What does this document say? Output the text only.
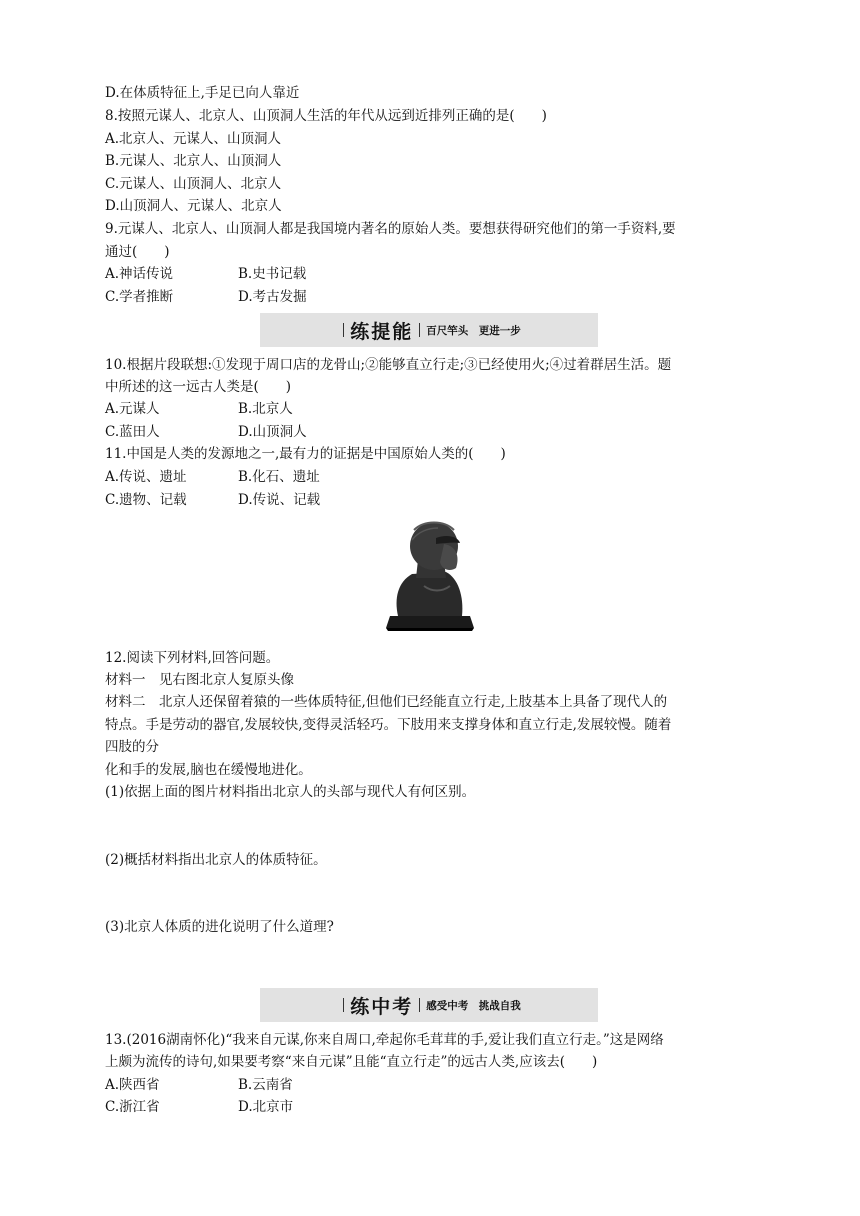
D.在体质特征上,手足已向人靠近
8.按照元谋人、北京人、山顶洞人生活的年代从远到近排列正确的是(　　)
A.北京人、元谋人、山顶洞人
B.元谋人、北京人、山顶洞人
C.元谋人、山顶洞人、北京人
D.山顶洞人、元谋人、北京人
9.元谋人、北京人、山顶洞人都是我国境内著名的原始人类。要想获得研究他们的第一手资料,要
通过(　　)
A.神话传说	B.史书记载
C.学者推断	D.考古发掘
练提能 百尺竿头　更进一步
10.根据片段联想:①发现于周口店的龙骨山;②能够直立行走;③已经使用火;④过着群居生活。题
中所述的这一远古人类是(　　)
A.元谋人	B.北京人
C.蓝田人	D.山顶洞人
11.中国是人类的发源地之一,最有力的证据是中国原始人类的(　　)
A.传说、遗址	B.化石、遗址
C.遗物、记载	D.传说、记载
12.阅读下列材料,回答问题。
材料一　见右图北京人复原头像
材料二　北京人还保留着猿的一些体质特征,但他们已经能直立行走,上肢基本上具备了现代人的
特点。手是劳动的器官,发展较快,变得灵活轻巧。下肢用来支撑身体和直立行走,发展较慢。随着
四肢的分
化和手的发展,脑也在缓慢地进化。
(1)依据上面的图片材料指出北京人的头部与现代人有何区别。
(2)概括材料指出北京人的体质特征。
(3)北京人体质的进化说明了什么道理?
练中考 感受中考　挑战自我
13.(2016湖南怀化)“我来自元谋,你来自周口,牵起你毛茸茸的手,爱让我们直立行走。”这是网络
上颇为流传的诗句,如果要考察“来自元谋”且能“直立行走”的远古人类,应该去(　　)
A.陕西省	B.云南省
C.浙江省	D.北京市
